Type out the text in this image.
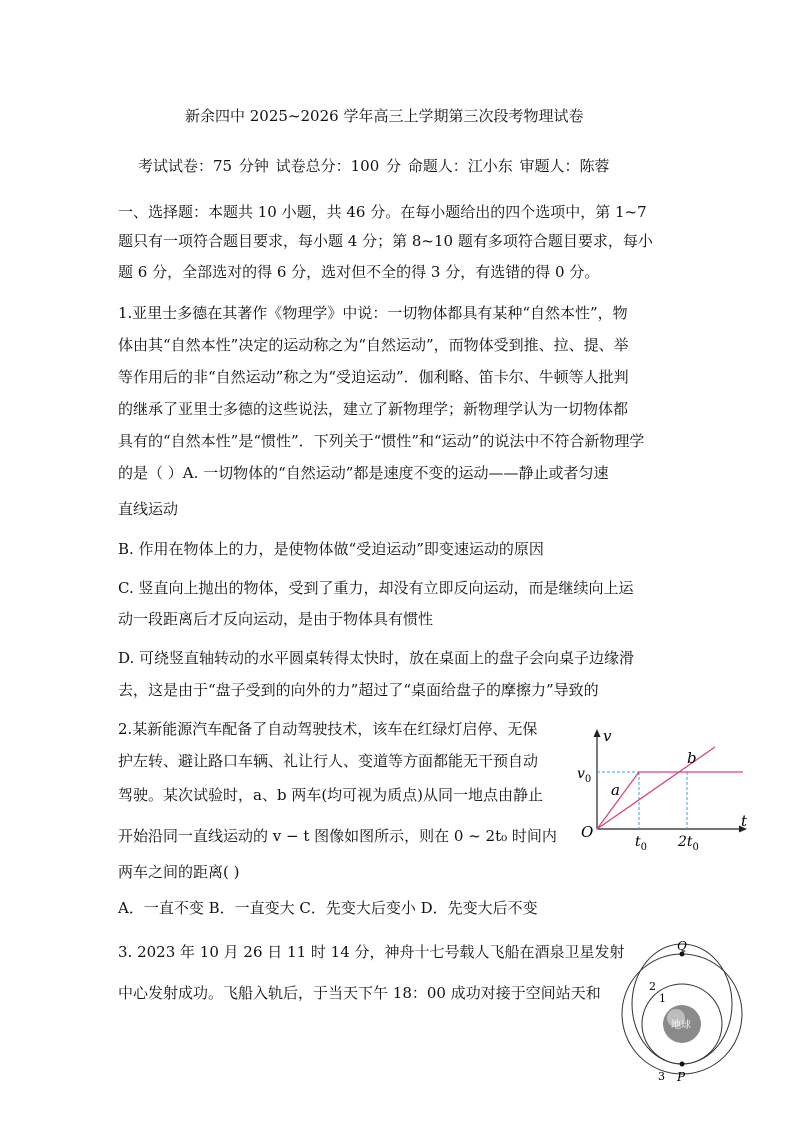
新余四中 2025~2026 学年高三上学期第三次段考物理试卷
考试试卷：75 分钟 试卷总分：100 分 命题人：江小东 审题人：陈蓉
一、选择题：本题共 10 小题，共 46 分。在每小题给出的四个选项中，第 1~7
题只有一项符合题目要求，每小题 4 分；第 8~10 题有多项符合题目要求，每小
题 6 分，全部选对的得 6 分，选对但不全的得 3 分，有选错的得 0 分。
1.亚里士多德在其著作《物理学》中说：一切物体都具有某种“自然本性”，物
体由其“自然本性”决定的运动称之为“自然运动”，而物体受到推、拉、提、举
等作用后的非“自然运动”称之为“受迫运动”．伽利略、笛卡尔、牛顿等人批判
的继承了亚里士多德的这些说法，建立了新物理学；新物理学认为一切物体都
具有的“自然本性”是“惯性”．下列关于“惯性”和“运动”的说法中不符合新物理学
的是（ ）A. 一切物体的“自然运动”都是速度不变的运动——静止或者匀速
直线运动
B. 作用在物体上的力，是使物体做“受迫运动”即变速运动的原因
C. 竖直向上抛出的物体，受到了重力，却没有立即反向运动，而是继续向上运
动一段距离后才反向运动，是由于物体具有惯性
D. 可绕竖直轴转动的水平圆桌转得太快时，放在桌面上的盘子会向桌子边缘滑
去，这是由于“盘子受到的向外的力”超过了“桌面给盘子的摩擦力”导致的
2.某新能源汽车配备了自动驾驶技术，该车在红绿灯启停、无保
护左转、避让路口车辆、礼让行人、变道等方面都能无干预自动
驾驶。某次试验时，a、b 两车(均可视为质点)从同一地点由静止
开始沿同一直线运动的 v − t 图像如图所示，则在 0 ~ 2t₀ 时间内
两车之间的距离( )
A．一直不变 B．一直变大 C．先变大后变小 D．先变大后不变
v
t
O
$v_0$
$t_0$ $2t_0$
a
b
3. 2023 年 10 月 26 日 11 时 14 分，神舟十七号载人飞船在酒泉卫星发射
中心发射成功。飞船入轨后，于当天下午 18：00 成功对接于空间站天和
地球
Q
P
1
2
3
